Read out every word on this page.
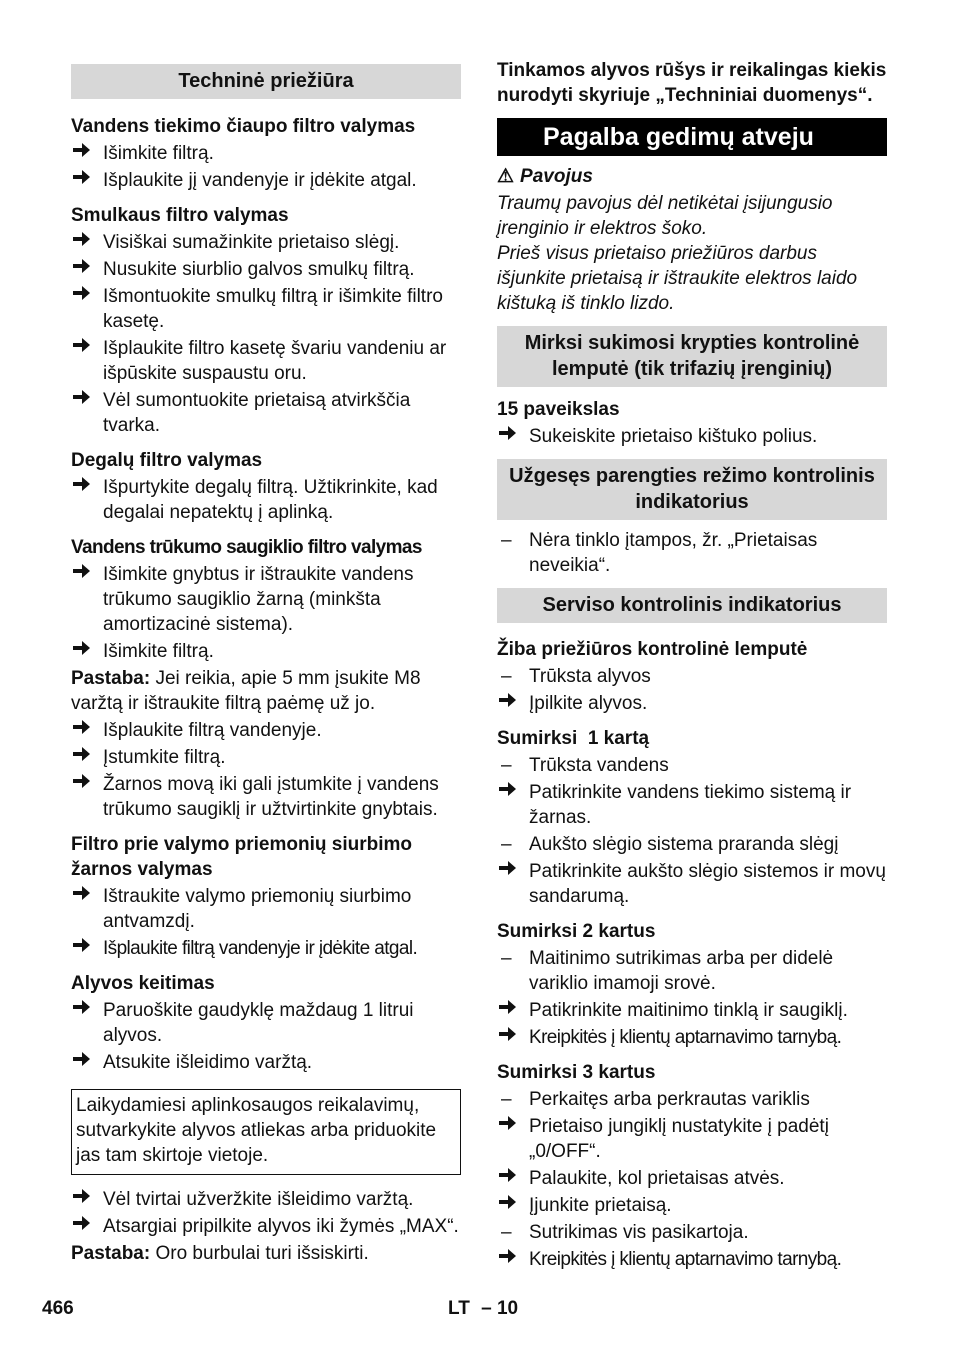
Techninė priežiūra
Vandens tiekimo čiaupo filtro valymas
Išimkite filtrą.
Išplaukite jį vandenyje ir įdėkite atgal.
Smulkaus filtro valymas
Visiškai sumažinkite prietaiso slėgį.
Nusukite siurblio galvos smulkų filtrą.
Išmontuokite smulkų filtrą ir išimkite filtro kasetę.
Išplaukite filtro kasetę švariu vandeniu ar išpūskite suspaustu oru.
Vėl sumontuokite prietaisą atvirkščia tvarka.
Degalų filtro valymas
Išpurtykite degalų filtrą. Užtikrinkite, kad degalai nepatektų į aplinką.
Vandens trūkumo saugiklio filtro valymas
Išimkite gnybtus ir ištraukite vandens trūkumo saugiklio žarną (minkšta amortizacinė sistema).
Išimkite filtrą.

Pastaba: Jei reikia, apie 5 mm įsukite M8 varžtą ir ištraukite filtrą paėmę už jo.

Išplaukite filtrą vandenyje.
Įstumkite filtrą.
Žarnos movą iki gali įstumkite į vandens trūkumo saugiklį ir užtvirtinkite gnybtais.
Filtro prie valymo priemonių siurbimo žarnos valymas
Ištraukite valymo priemonių siurbimo antvamzdį.
Išplaukite filtrą vandenyje ir įdėkite atgal.
Alyvos keitimas
Paruoškite gaudyklę maždaug 1 litrui alyvos.
Atsukite išleidimo varžtą.
Laikydamiesi aplinkosaugos reikalavimų, sutvarkykite alyvos atliekas arba priduokite jas tam skirtoje vietoje.
Vėl tvirtai užveržkite išleidimo varžtą.
Atsargiai pripilkite alyvos iki žymės „MAX“.

Pastaba: Oro burbulai turi išsiskirti.

Tinkamos alyvos rūšys ir reikalingas kiekis nurodyti skyriuje „Techniniai duomenys“.

Pagalba gedimų atveju
⚠ Pavojus

Traumų pavojus dėl netikėtai įsijungusio įrenginio ir elektros šoko.

Prieš visus prietaiso priežiūros darbus išjunkite prietaisą ir ištraukite elektros laido kištuką iš tinklo lizdo.

Mirksi sukimosi krypties kontrolinė lemputė (tik trifazių įrenginių)
15 paveikslas
Sukeiskite prietaiso kištuko polius.
Užgesęs parengties režimo kontrolinis indikatorius
– Nėra tinklo įtampos, žr. „Prietaisas neveikia“.
Serviso kontrolinis indikatorius
Žiba priežiūros kontrolinė lemputė
– Trūksta alyvos
Įpilkite alyvos.
Sumirksi  1 kartą
– Trūksta vandens
Patikrinkite vandens tiekimo sistemą ir žarnas.
– Aukšto slėgio sistema praranda slėgį
Patikrinkite aukšto slėgio sistemos ir movų sandarumą.
Sumirksi 2 kartus
– Maitinimo sutrikimas arba per didelė variklio imamoji srovė.
Patikrinkite maitinimo tinklą ir saugiklį.
Kreipkitės į klientų aptarnavimo tarnybą.
Sumirksi 3 kartus
– Perkaitęs arba perkrautas variklis
Prietaiso jungiklį nustatykite į padėtį „0/OFF“.
Palaukite, kol prietaisas atvės.
Įjunkite prietaisą.
– Sutrikimas vis pasikartoja.
Kreipkitės į klientų aptarnavimo tarnybą.
466	LT – 10
